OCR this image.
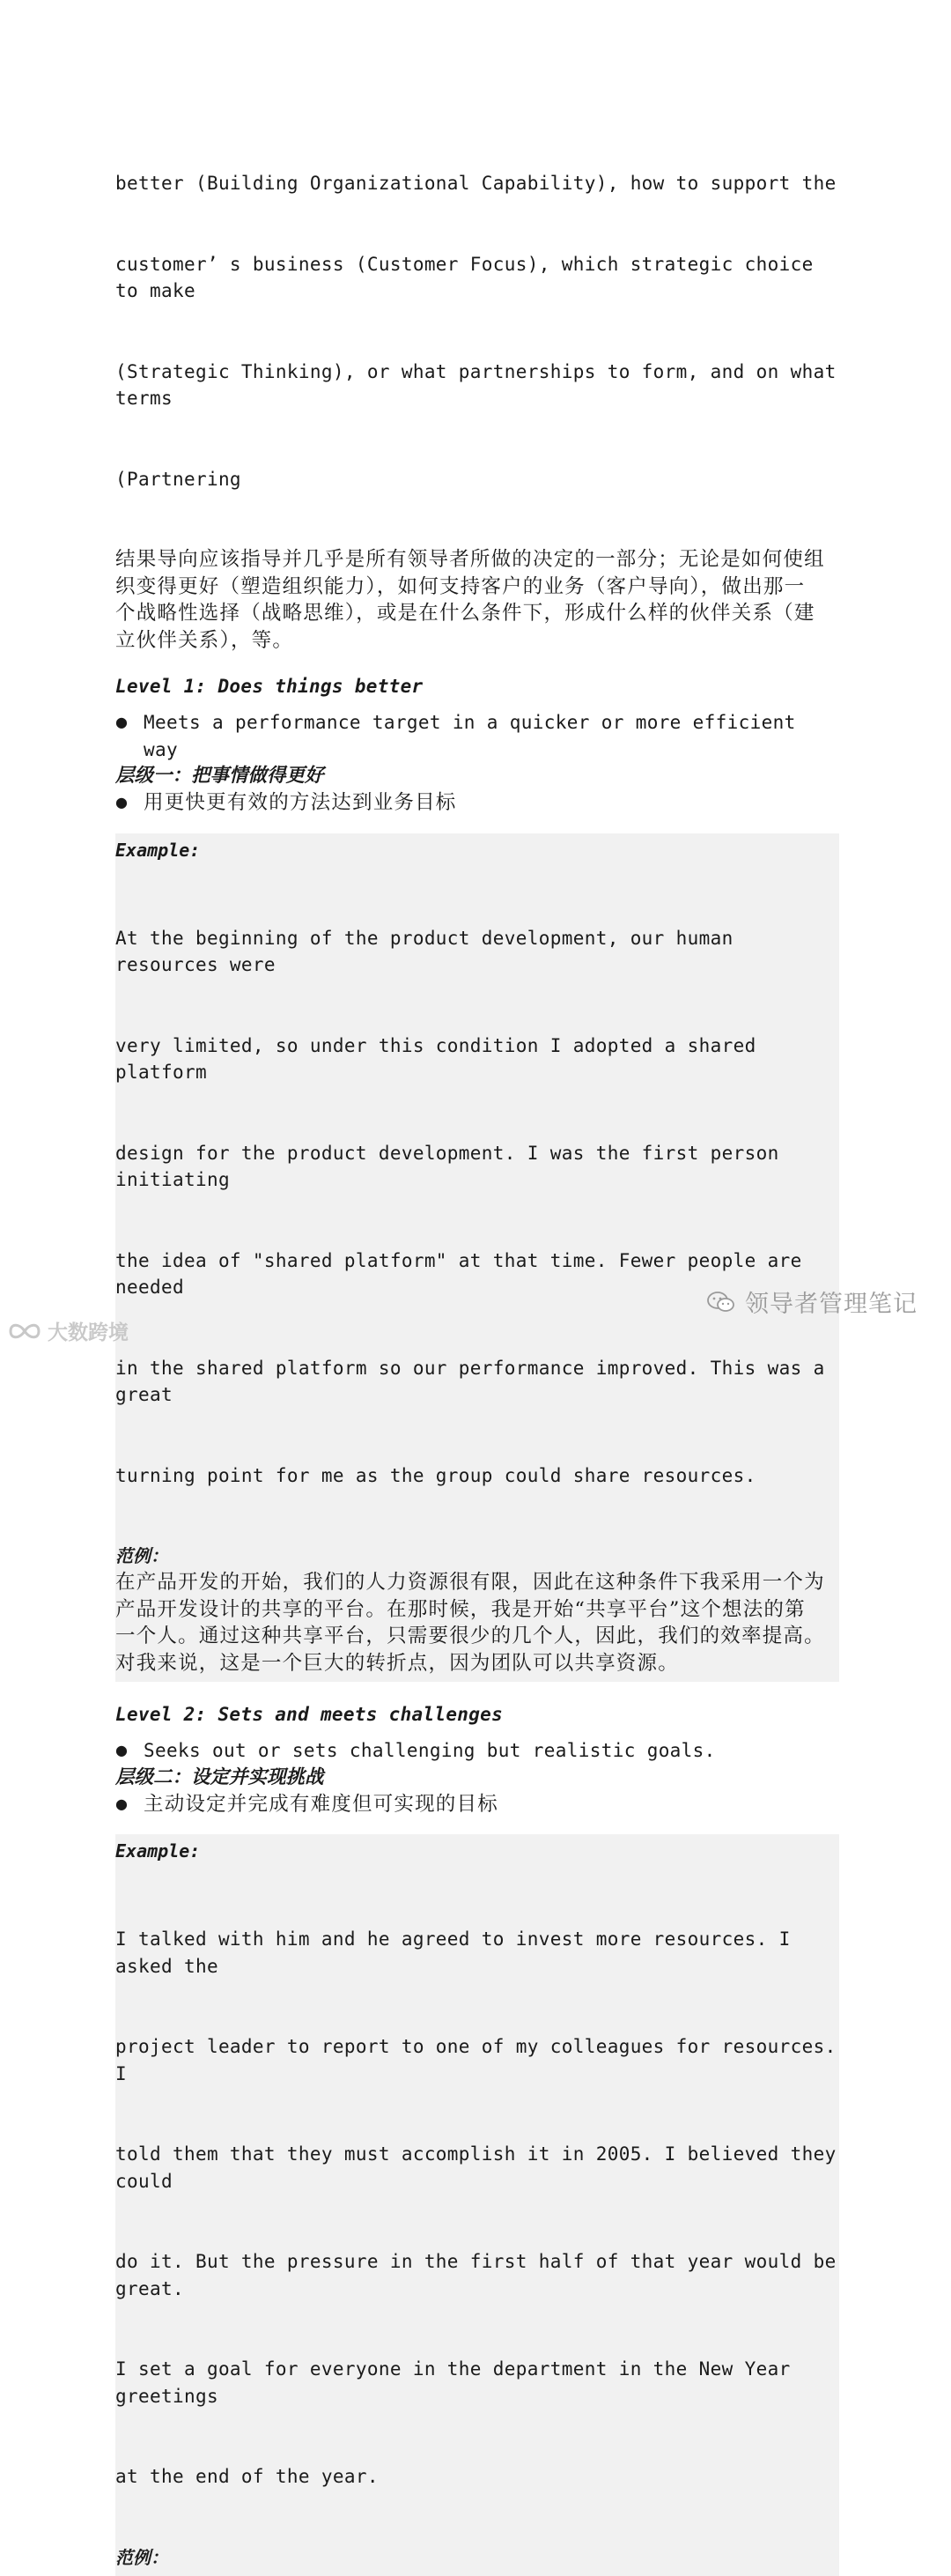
better (Building Organizational Capability), how to support the

customer’ s business (Customer Focus), which strategic choice to make

(Strategic Thinking), or what partnerships to form, and on what terms

(Partnering

结果导向应该指导并几乎是所有领导者所做的决定的一部分；无论是如何使组
织变得更好（塑造组织能力），如何支持客户的业务（客户导向），做出那一
个战略性选择（战略思维），或是在什么条件下，形成什么样的伙伴关系（建
立伙伴关系），等。
Level 1: Does things better
● Meets a performance target in a quicker or more efficient way
层级一：把事情做得更好
● 用更快更有效的方法达到业务目标
Example:

At the beginning of the product development, our human resources were

very limited, so under this condition I adopted a shared platform

design for the product development. I was the first person initiating

the idea of "shared platform" at that time. Fewer people are needed

in the shared platform so our performance improved. This was a great

turning point for me as the group could share resources.

范例：
在产品开发的开始，我们的人力资源很有限，因此在这种条件下我采用一个为
产品开发设计的共享的平台。在那时候，我是开始“共享平台”这个想法的第
一个人。通过这种共享平台，只需要很少的几个人，因此，我们的效率提高。
对我来说，这是一个巨大的转折点，因为团队可以共享资源。
Level 2: Sets and meets challenges
● Seeks out or sets challenging but realistic goals.
层级二：设定并实现挑战
● 主动设定并完成有难度但可实现的目标
Example:

I talked with him and he agreed to invest more resources. I asked the

project leader to report to one of my colleagues for resources. I

told them that they must accomplish it in 2005. I believed they could

do it. But the pressure in the first half of that year would be great.

I set a goal for everyone in the department in the New Year greetings

at the end of the year.

范例：
领导者管理笔记
大数跨境
